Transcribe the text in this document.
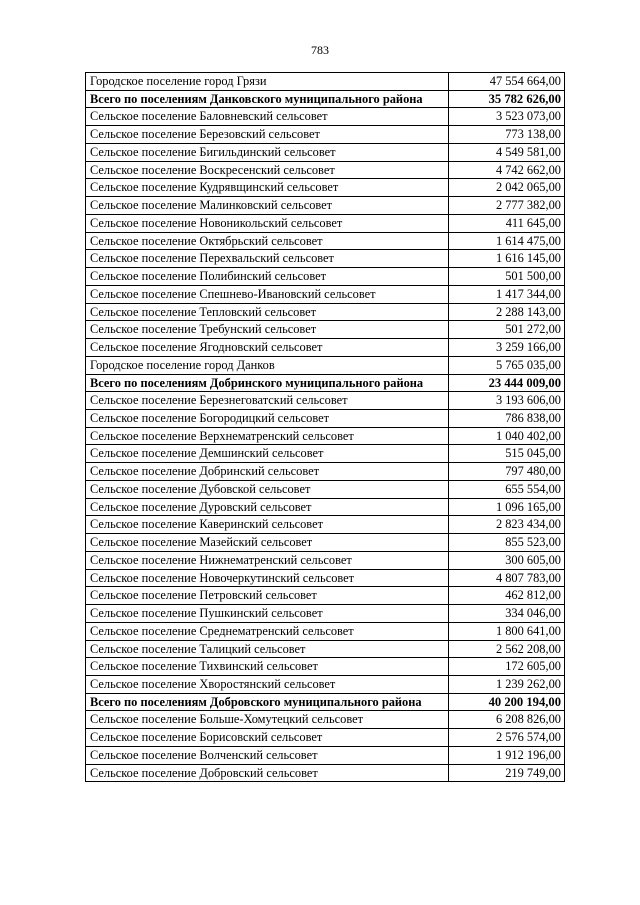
783
Городское поселение город Грязи	47 554 664,00
Всего по поселениям Данковского муниципального района	35 782 626,00
Сельское поселение Баловневский сельсовет	3 523 073,00
Сельское поселение Березовский сельсовет	773 138,00
Сельское поселение Бигильдинский сельсовет	4 549 581,00
Сельское поселение Воскресенский сельсовет	4 742 662,00
Сельское поселение Кудрявщинский сельсовет	2 042 065,00
Сельское поселение Малинковский сельсовет	2 777 382,00
Сельское поселение Новоникольский сельсовет	411 645,00
Сельское поселение Октябрьский сельсовет	1 614 475,00
Сельское поселение Перехвальский сельсовет	1 616 145,00
Сельское поселение Полибинский сельсовет	501 500,00
Сельское поселение Спешнево-Ивановский сельсовет	1 417 344,00
Сельское поселение Тепловский сельсовет	2 288 143,00
Сельское поселение Требунский сельсовет	501 272,00
Сельское поселение Ягодновский сельсовет	3 259 166,00
Городское поселение город Данков	5 765 035,00
Всего по поселениям Добринского муниципального района	23 444 009,00
Сельское поселение Березнеговатский сельсовет	3 193 606,00
Сельское поселение Богородицкий сельсовет	786 838,00
Сельское поселение Верхнематренский сельсовет	1 040 402,00
Сельское поселение Демшинский сельсовет	515 045,00
Сельское поселение Добринский сельсовет	797 480,00
Сельское поселение Дубовской сельсовет	655 554,00
Сельское поселение Дуровский сельсовет	1 096 165,00
Сельское поселение Каверинский сельсовет	2 823 434,00
Сельское поселение Мазейский сельсовет	855 523,00
Сельское поселение Нижнематренский сельсовет	300 605,00
Сельское поселение Новочеркутинский сельсовет	4 807 783,00
Сельское поселение Петровский сельсовет	462 812,00
Сельское поселение Пушкинский сельсовет	334 046,00
Сельское поселение Среднематренский сельсовет	1 800 641,00
Сельское поселение Талицкий сельсовет	2 562 208,00
Сельское поселение Тихвинский сельсовет	172 605,00
Сельское поселение Хворостянский сельсовет	1 239 262,00
Всего по поселениям Добровского муниципального района	40 200 194,00
Сельское поселение Больше-Хомутецкий сельсовет	6 208 826,00
Сельское поселение Борисовский сельсовет	2 576 574,00
Сельское поселение Волченский сельсовет	1 912 196,00
Сельское поселение Добровский сельсовет	219 749,00
